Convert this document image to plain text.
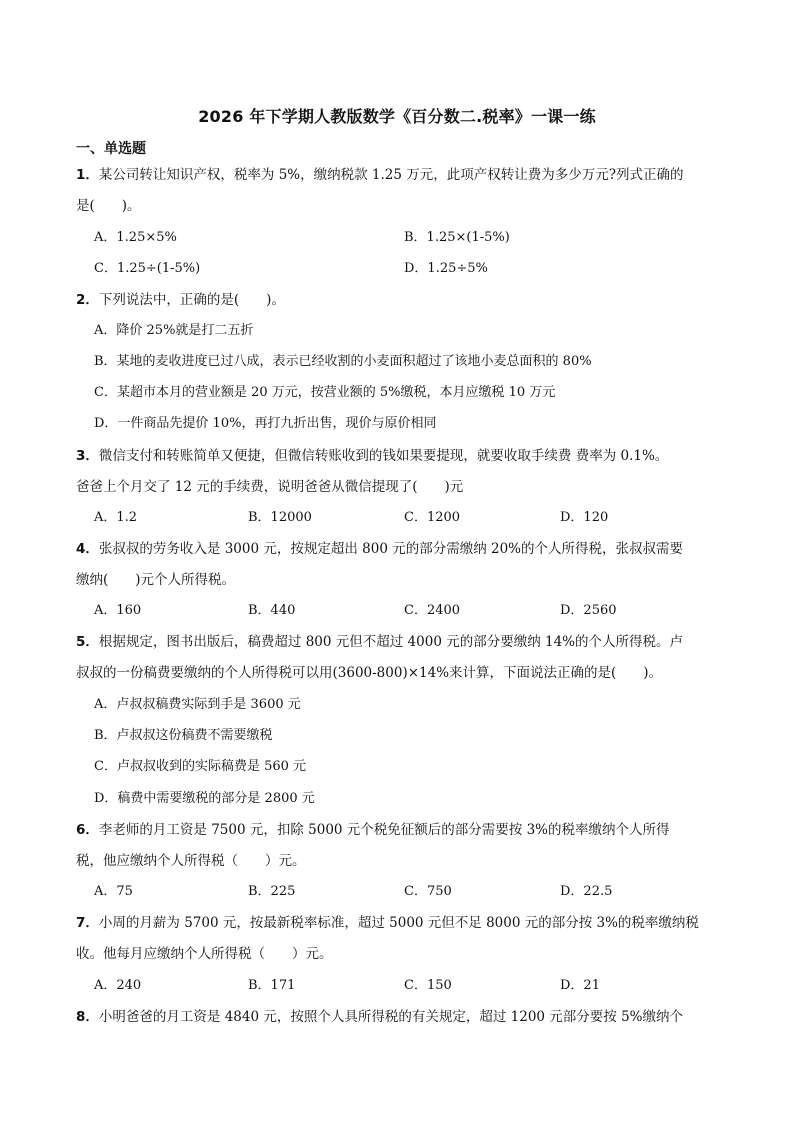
2026 年下学期人教版数学《百分数二.税率》一课一练
一、单选题
1．某公司转让知识产权，税率为 5%，缴纳税款 1.25 万元，此项产权转让费为多少万元?列式正确的
是(　　)。
A．1.25×5%	B．1.25×(1-5%)
C．1.25÷(1-5%)	D．1.25÷5%
2．下列说法中，正确的是(　　)。
A．降价 25%就是打二五折
B．某地的麦收进度已过八成，表示已经收割的小麦面积超过了该地小麦总面积的 80%
C．某超市本月的营业额是 20 万元，按营业额的 5%缴税，本月应缴税 10 万元
D．一件商品先提价 10%，再打九折出售，现价与原价相同
3．微信支付和转账简单又便捷，但微信转账收到的钱如果要提现，就要收取手续费 费率为 0.1%。
爸爸上个月交了 12 元的手续费，说明爸爸从微信提现了(　　)元
A．1.2	B．12000	C．1200	D．120
4．张叔叔的劳务收入是 3000 元，按规定超出 800 元的部分需缴纳 20%的个人所得税，张叔叔需要
缴纳(　　)元个人所得税。
A．160	B．440	C．2400	D．2560
5．根据规定，图书出版后，稿费超过 800 元但不超过 4000 元的部分要缴纳 14%的个人所得税。卢
叔叔的一份稿费要缴纳的个人所得税可以用(3600-800)×14%来计算，下面说法正确的是(　　)。
A．卢叔叔稿费实际到手是 3600 元
B．卢叔叔这份稿费不需要缴税
C．卢叔叔收到的实际稿费是 560 元
D．稿费中需要缴税的部分是 2800 元
6．李老师的月工资是 7500 元，扣除 5000 元个税免征额后的部分需要按 3%的税率缴纳个人所得
税，他应缴纳个人所得税（　　）元。
A．75	B．225	C．750	D．22.5
7．小周的月薪为 5700 元，按最新税率标准，超过 5000 元但不足 8000 元的部分按 3%的税率缴纳税
收。他每月应缴纳个人所得税（　　）元。
A．240	B．171	C．150	D．21
8．小明爸爸的月工资是 4840 元，按照个人具所得税的有关规定，超过 1200 元部分要按 5%缴纳个
